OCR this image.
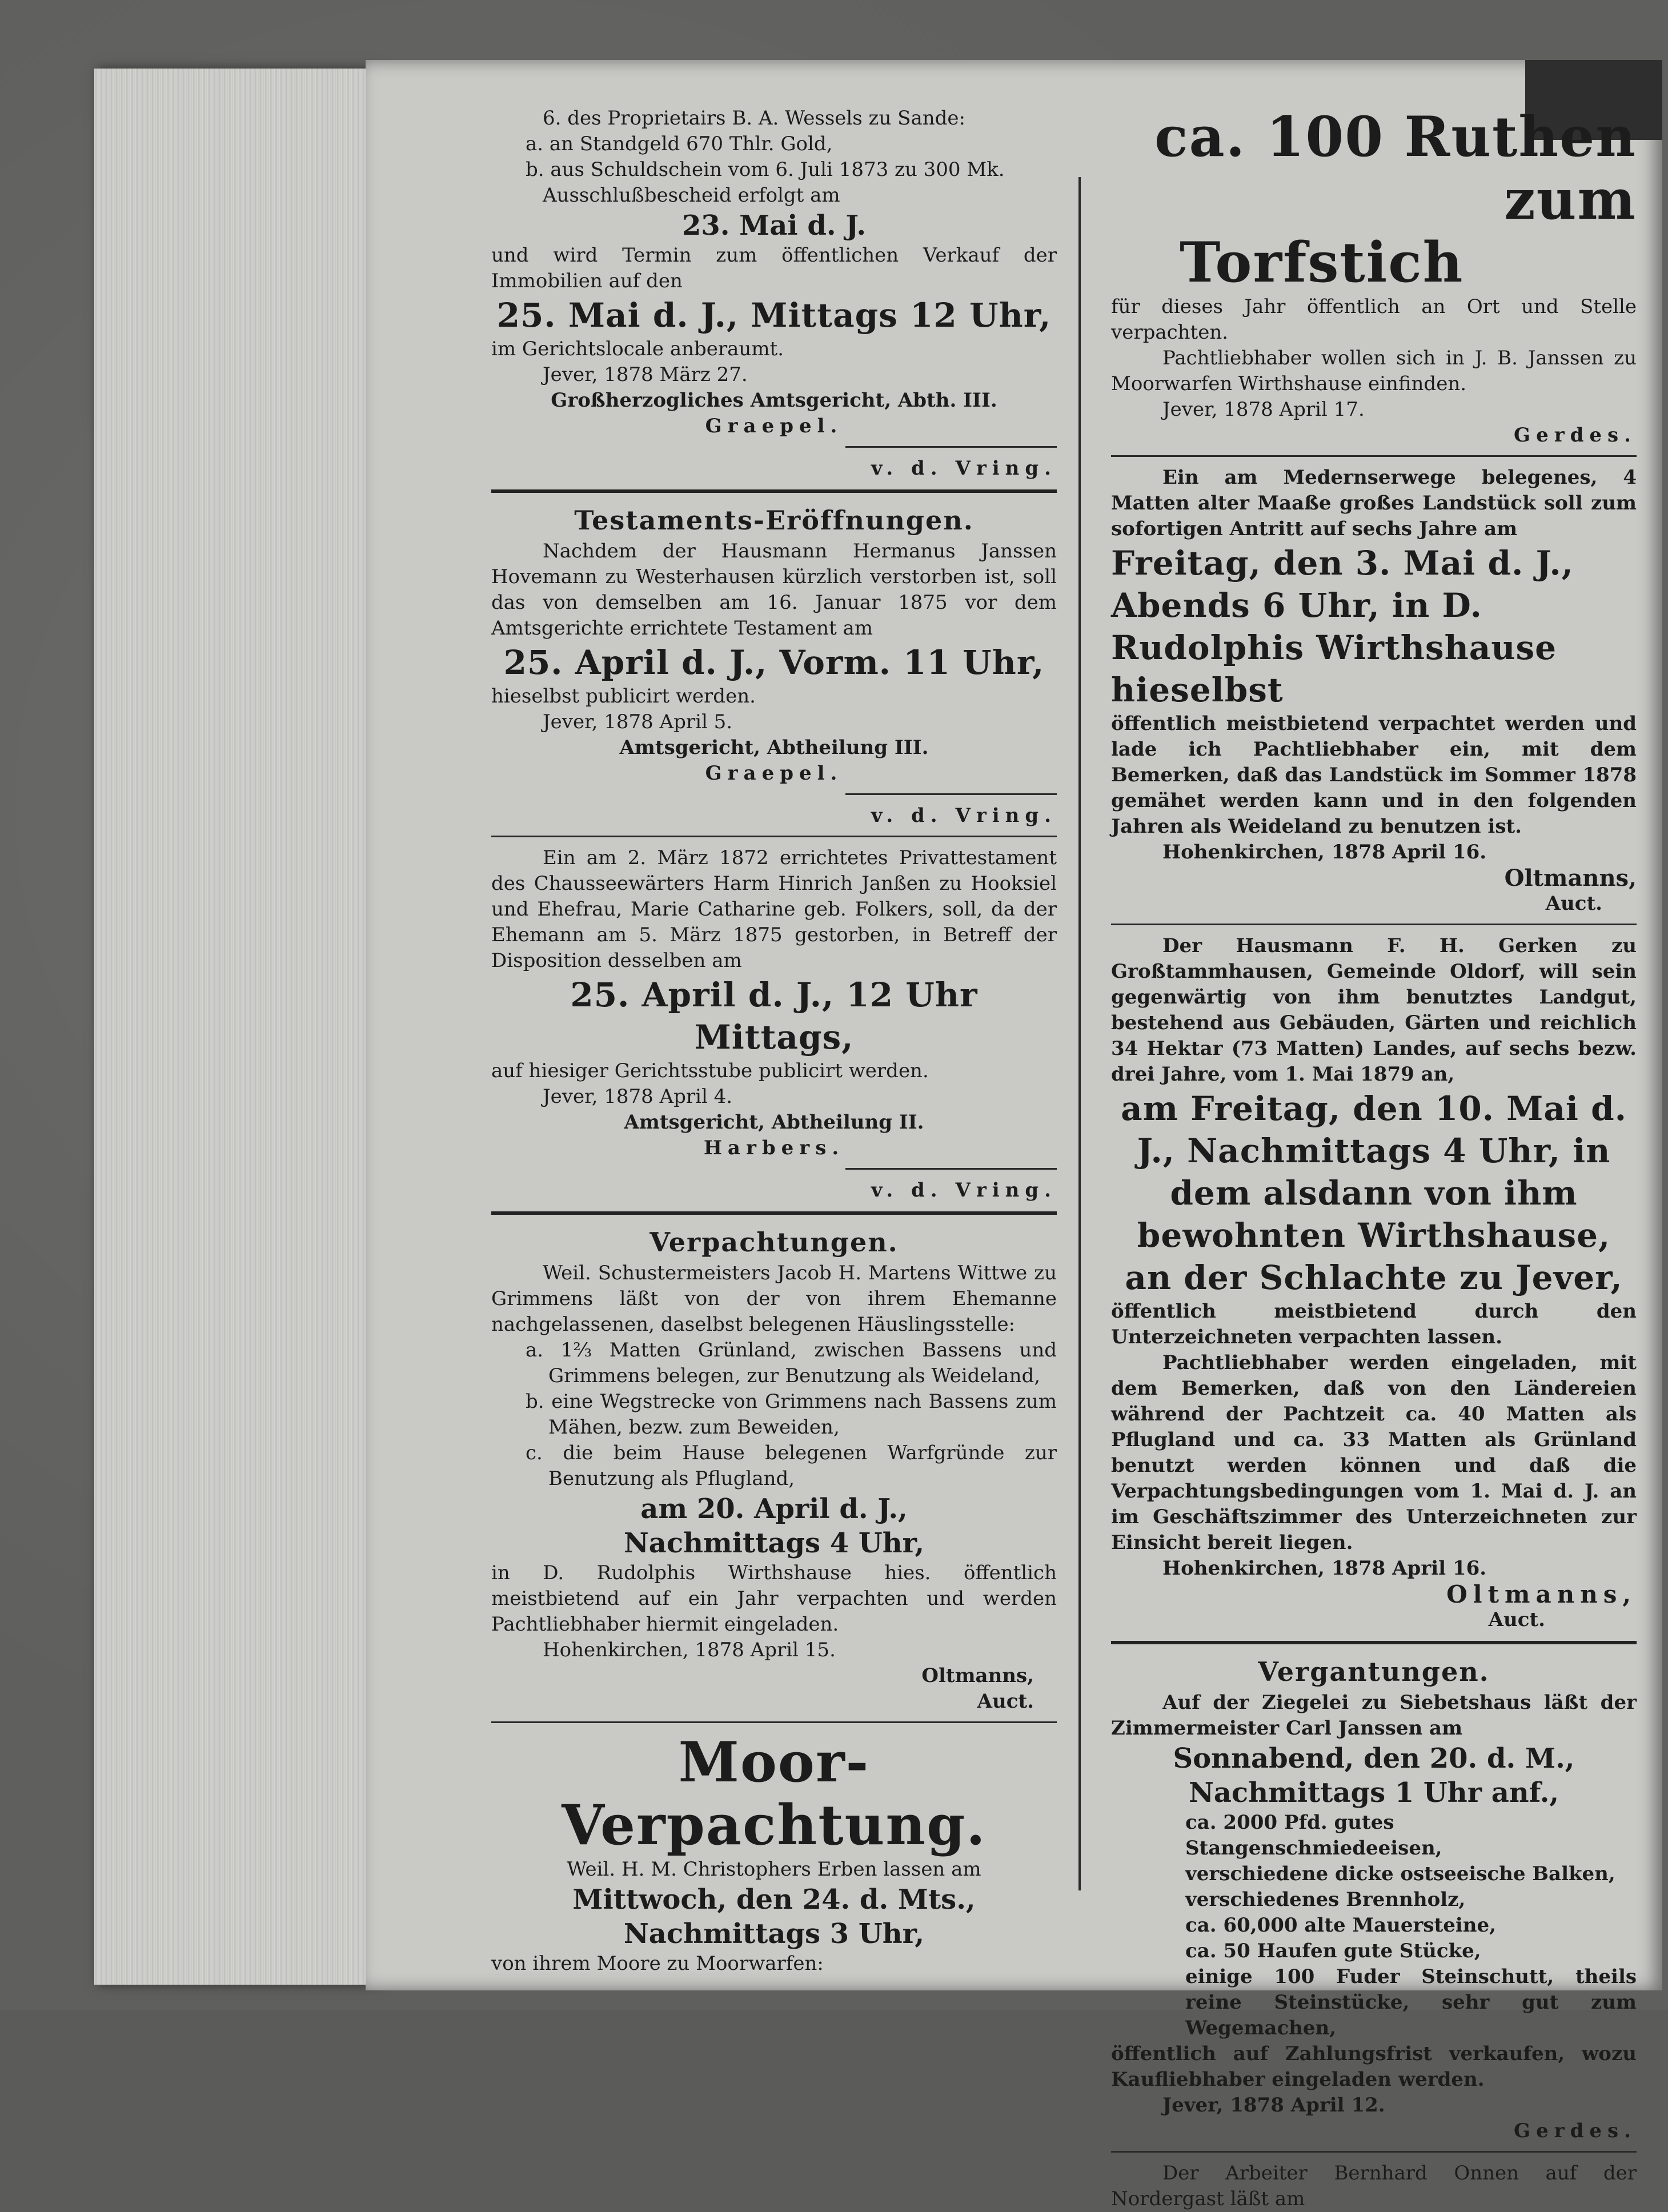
6. des Proprietairs B. A. Wessels zu Sande:

a. an Standgeld 670 Thlr. Gold,

b. aus Schuldschein vom 6. Juli 1873 zu 300 Mk.

Ausschlußbescheid erfolgt am

23. Mai d. J.

und wird Termin zum öffentlichen Verkauf der Immobilien auf den

25. Mai d. J., Mittags 12 Uhr,

im Gerichtslocale anberaumt.

Jever, 1878 März 27.

Großherzogliches Amtsgericht, Abth. III.

Graepel.

v. d. Vring.

Testaments-Eröffnungen.

Nachdem der Hausmann Hermanus Janssen Hovemann zu Westerhausen kürzlich verstorben ist, soll das von demselben am 16. Januar 1875 vor dem Amtsgerichte errichtete Testament am

25. April d. J., Vorm. 11 Uhr,

hieselbst publicirt werden.

Jever, 1878 April 5.

Amtsgericht, Abtheilung III.

Graepel.

v. d. Vring.

Ein am 2. März 1872 errichtetes Privattestament des Chausseewärters Harm Hinrich Janßen zu Hooksiel und Ehefrau, Marie Catharine geb. Folkers, soll, da der Ehemann am 5. März 1875 gestorben, in Betreff der Disposition desselben am

25. April d. J., 12 Uhr Mittags,

auf hiesiger Gerichtsstube publicirt werden.

Jever, 1878 April 4.

Amtsgericht, Abtheilung II.

Harbers.

v. d. Vring.

Verpachtungen.

Weil. Schustermeisters Jacob H. Martens Wittwe zu Grimmens läßt von der von ihrem Ehemanne nachgelassenen, daselbst belegenen Häuslingsstelle:

a. 1⅔ Matten Grünland, zwischen Bassens und Grimmens belegen, zur Benutzung als Weideland,

b. eine Wegstrecke von Grimmens nach Bassens zum Mähen, bezw. zum Beweiden,

c. die beim Hause belegenen Warfgründe zur Benutzung als Pflugland,

am 20. April d. J.,

Nachmittags 4 Uhr,

in D. Rudolphis Wirthshause hies. öffentlich meistbietend auf ein Jahr verpachten und werden Pachtliebhaber hiermit eingeladen.

Hohenkirchen, 1878 April 15.

Oltmanns,

Auct.

Moor-Verpachtung.

Weil. H. M. Christophers Erben lassen am

Mittwoch, den 24. d. Mts.,

Nachmittags 3 Uhr,

von ihrem Moore zu Moorwarfen:

ca. 100 Ruthen zum

Torfstich

für dieses Jahr öffentlich an Ort und Stelle verpachten.

Pachtliebhaber wollen sich in J. B. Janssen zu Moorwarfen Wirthshause einfinden.

Jever, 1878 April 17.

Gerdes.

Ein am Medernserwege belegenes, 4 Matten alter Maaße großes Landstück soll zum sofortigen Antritt auf sechs Jahre am

Freitag, den 3. Mai d. J., Abends 6 Uhr, in D. Rudolphis Wirthshause hieselbst

öffentlich meistbietend verpachtet werden und lade ich Pachtliebhaber ein, mit dem Bemerken, daß das Landstück im Sommer 1878 gemähet werden kann und in den folgenden Jahren als Weideland zu benutzen ist.

Hohenkirchen, 1878 April 16.

Oltmanns,

Auct.

Der Hausmann F. H. Gerken zu Großtammhausen, Gemeinde Oldorf, will sein gegenwärtig von ihm benutztes Landgut, bestehend aus Gebäuden, Gärten und reichlich 34 Hektar (73 Matten) Landes, auf sechs bezw. drei Jahre, vom 1. Mai 1879 an,

am Freitag, den 10. Mai d. J., Nachmittags 4 Uhr, in dem alsdann von ihm bewohnten Wirthshause, an der Schlachte zu Jever,

öffentlich meistbietend durch den Unterzeichneten verpachten lassen.

Pachtliebhaber werden eingeladen, mit dem Bemerken, daß von den Ländereien während der Pachtzeit ca. 40 Matten als Pflugland und ca. 33 Matten als Grünland benutzt werden können und daß die Verpachtungsbedingungen vom 1. Mai d. J. an im Geschäftszimmer des Unterzeichneten zur Einsicht bereit liegen.

Hohenkirchen, 1878 April 16.

Oltmanns,

Auct.

Vergantungen.

Auf der Ziegelei zu Siebetshaus läßt der Zimmermeister Carl Janssen am

Sonnabend, den 20. d. M.,

Nachmittags 1 Uhr anf.,

ca. 2000 Pfd. gutes Stangenschmiedeeisen,

verschiedene dicke ostseeische Balken,

verschiedenes Brennholz,

ca. 60,000 alte Mauersteine,

ca. 50 Haufen gute Stücke,

einige 100 Fuder Steinschutt, theils reine Steinstücke, sehr gut zum Wegemachen,

öffentlich auf Zahlungsfrist verkaufen, wozu Kaufliebhaber eingeladen werden.

Jever, 1878 April 12.

Gerdes.

Der Arbeiter Bernhard Onnen auf der Nordergast läßt am
